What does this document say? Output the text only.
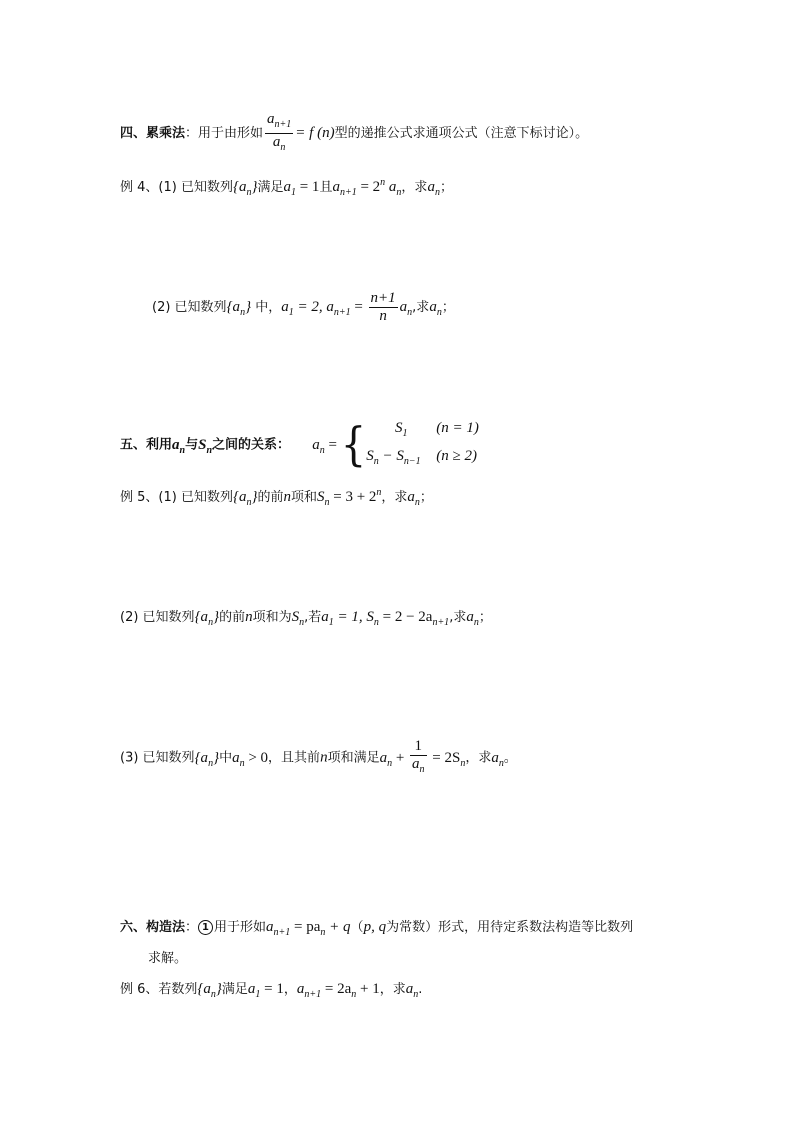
四、累乘法：用于由形如 $\frac{a_{n+1}}{a_n} = f$ (n)型的递推公式求通项公式（注意下标讨论）。
例 4、(1) 已知数列$\{a_n\}$满足$a_1 = 1$且$a_{n+1} = 2^n$ $a_n$，求$a_n$；
(2) 已知数列$\{a_n\}$ 中，$a_1 = 2$, $a_{n+1} = \frac{n+1}{n} a_n$,求$a_n$；
五、利用$a_n$与$S_n$之间的关系： $a_n$ = {	$S_1$ (n = 1)
$S_n - S_{n-1}$ (n ≥ 2)
例 5、(1) 已知数列$\{a_n\}$的前n项和$S_n = 3 + 2^n$，求$a_n$；
(2) 已知数列$\{a_n\}$的前n项和为$S_n$,若$a_1 = 1$, $S_n = 2 - 2a_{n+1}$,求$a_n$；
(3) 已知数列$\{a_n\}$中$a_n > 0$，且其前n项和满足$a_n + \frac{1}{a_n} = 2S_n$，求$a_n$。
六、构造法： 1 用于形如$a_{n+1} = pa_n + q(p$, q为常数）形式，用待定系数法构造等比数列
求解。
例 6、若数列$\{a_n\}$满足$a_1 = 1$，$a_{n+1} = 2a_n + 1$，求$a_n$.
